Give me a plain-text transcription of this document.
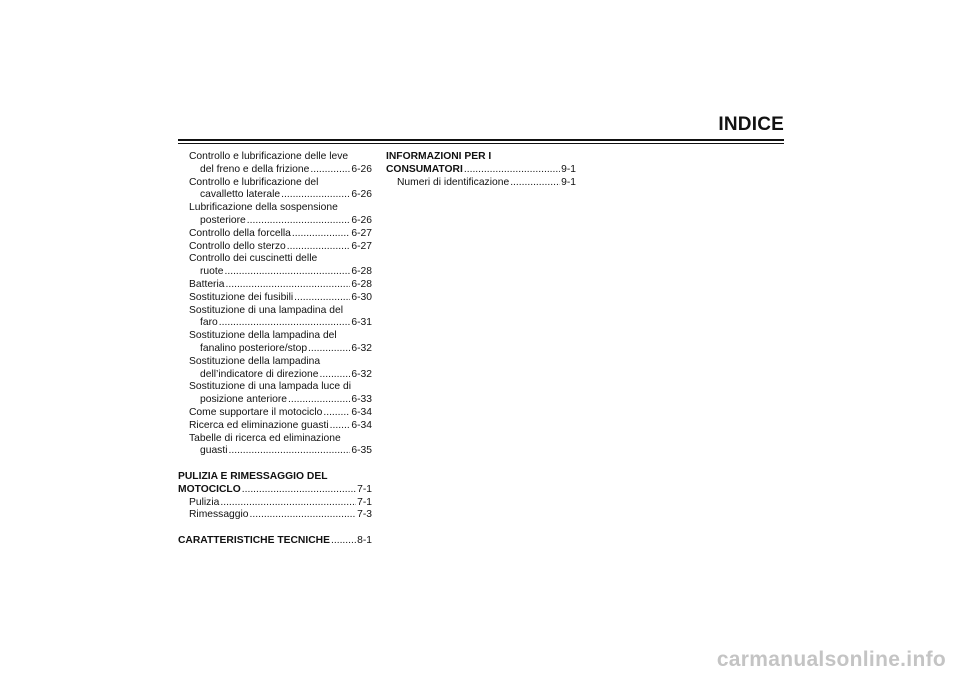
INDICE
Controllo e lubrificazione delle leve
del freno e della frizione .....	6-26
Controllo e lubrificazione del
cavalletto laterale .....	6-26
Lubrificazione della sospensione
posteriore .....	6-26
Controllo della forcella .....	6-27
Controllo dello sterzo .....	6-27
Controllo dei cuscinetti delle
ruote .....	6-28
Batteria .....	6-28
Sostituzione dei fusibili .....	6-30
Sostituzione di una lampadina del
faro .....	6-31
Sostituzione della lampadina del
fanalino posteriore/stop .....	6-32
Sostituzione della lampadina
dell’indicatore di direzione .....	6-32
Sostituzione di una lampada luce di
posizione anteriore .....	6-33
Come supportare il motociclo .....	6-34
Ricerca ed eliminazione guasti ..... 6-34
Tabelle di ricerca ed eliminazione
guasti .....	6-35
PULIZIA E RIMESSAGGIO DEL
MOTOCICLO .....	7-1
Pulizia .....	7-1
Rimessaggio .....	7-3
CARATTERISTICHE TECNICHE .....	8-1
INFORMAZIONI PER I
CONSUMATORI .....	9-1
Numeri di identificazione .....	9-1
carmanualsonline.info
